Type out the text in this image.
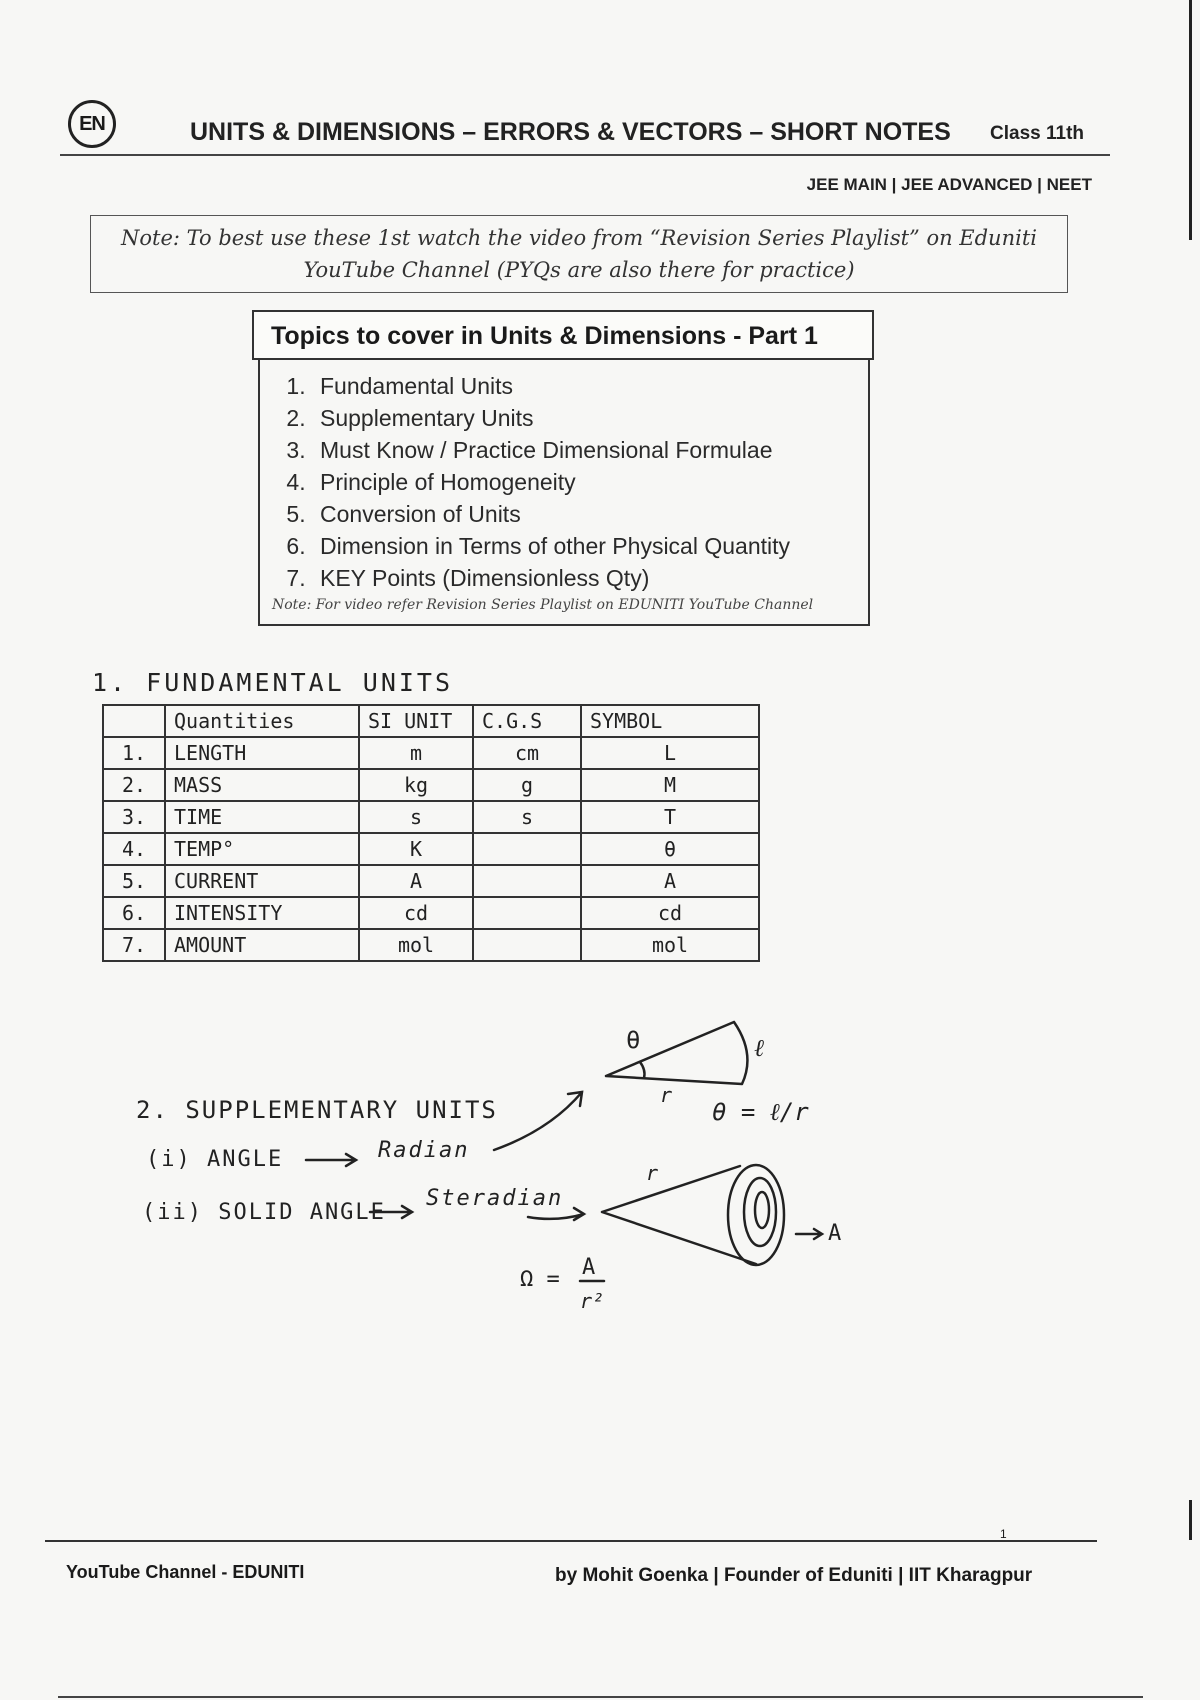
EN	UNITS & DIMENSIONS – ERRORS & VECTORS – SHORT NOTES Class 11th
JEE MAIN | JEE ADVANCED | NEET
Note: To best use these 1st watch the video from “Revision Series Playlist” on Eduniti
YouTube Channel (PYQs are also there for practice)
Topics to cover in Units & Dimensions - Part 1
1. Fundamental Units
2. Supplementary Units
3. Must Know / Practice Dimensional Formulae
4. Principle of Homogeneity
5. Conversion of Units
6. Dimension in Terms of other Physical Quantity
7. KEY Points (Dimensionless Qty)
Note: For video refer Revision Series Playlist on EDUNITI YouTube Channel
1. FUNDAMENTAL UNITS
	Quantities	SI UNIT	C.G.S	SYMBOL
1.	LENGTH	m	cm	L
2.	MASS	kg	g	M
3.	TIME	s	s	T
4.	TEMP°	K		θ
5.	CURRENT	A		A
6.	INTENSITY	cd		cd
7.	AMOUNT	mol		mol
2. SUPPLEMENTARY UNITS
(i) ANGLE	Radian
(ii) SOLID ANGLE
Steradian
θ	ℓ
r
θ = ℓ/r
r
A
Ω = A
r²
1
YouTube Channel - EDUNITI	by Mohit Goenka | Founder of Eduniti | IIT Kharagpur
